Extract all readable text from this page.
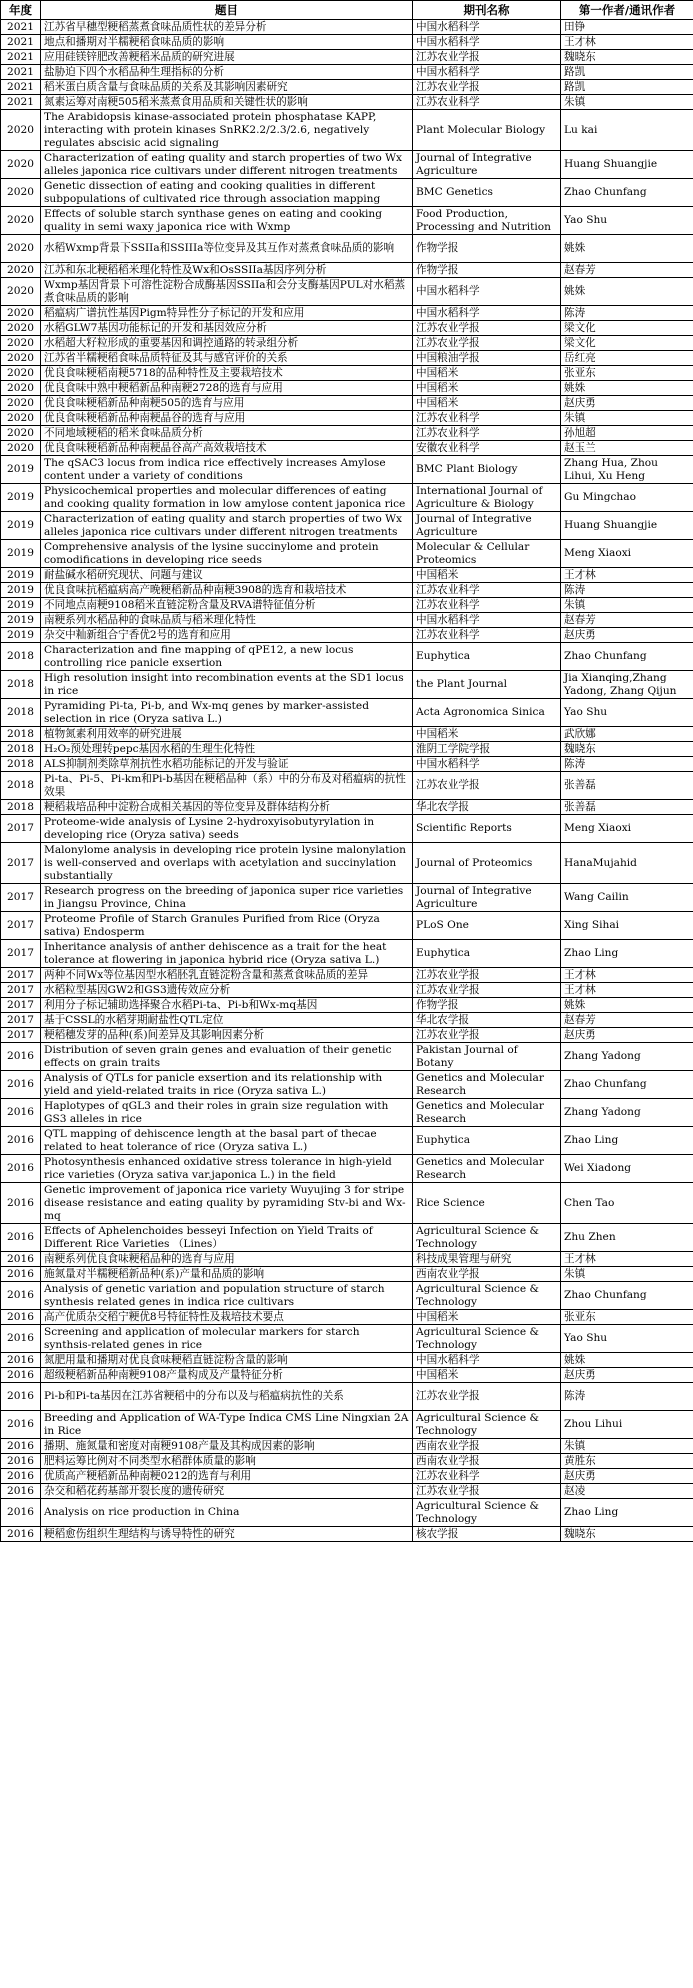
年度	题目	期刊名称	第一作者/通讯作者
2021	江苏省早穗型粳稻蒸煮食味品质性状的差异分析	中国水稻科学	田铮
2021	地点和播期对半糯粳稻食味品质的影响	中国水稻科学	王才林
2021	应用硅镁锌肥改善粳稻米品质的研究进展	江苏农业学报	魏晓东
2021	盐胁迫下四个水稻品种生理指标的分析	中国水稻科学	路凯
2021	稻米蛋白质含量与食味品质的关系及其影响因素研究	江苏农业学报	路凯
2021	氮素运筹对南粳505稻米蒸煮食用品质和关键性状的影响	江苏农业科学	朱镇
2020	The Arabidopsis kinase-associated protein phosphatase KAPP, interacting with protein kinases SnRK2.2/2.3/2.6, negatively regulates abscisic acid signaling	Plant Molecular Biology	Lu kai
2020	Characterization of eating quality and starch properties of two Wx alleles japonica rice cultivars under different nitrogen treatments	Journal of Integrative Agriculture	Huang Shuangjie
2020	Genetic dissection of eating and cooking qualities in different subpopulations of cultivated rice through association mapping	BMC Genetics	Zhao Chunfang
2020	Effects of soluble starch synthase genes on eating and cooking quality in semi waxy japonica rice with Wxmp	Food Production, Processing and Nutrition	Yao Shu
2020	水稻Wxmp背景下SSIIa和SSIIIa等位变异及其互作对蒸煮食味品质的影响	作物学报	姚姝
2020	江苏和东北粳稻稻米理化特性及Wx和OsSSIIa基因序列分析	作物学报	赵春芳
2020	Wxmp基因背景下可溶性淀粉合成酶基因SSIIa和会分支酶基因PUL对水稻蒸煮食味品质的影响	中国水稻科学	姚姝
2020	稻瘟病广谱抗性基因Pigm特异性分子标记的开发和应用	中国水稻科学	陈涛
2020	水稻GLW7基因功能标记的开发和基因效应分析	江苏农业学报	梁文化
2020	水稻超大籽粒形成的重要基因和调控通路的转录组分析	江苏农业学报	梁文化
2020	江苏省半糯粳稻食味品质特征及其与感官评价的关系	中国粮油学报	岳红亮
2020	优良食味粳稻南粳5718的品种特性及主要栽培技术	中国稻米	张亚东
2020	优良食味中熟中粳稻新品种南粳2728的选育与应用	中国稻米	姚姝
2020	优良食味粳稻新品种南粳505的选育与应用	中国稻米	赵庆勇
2020	优良食味粳稻新品种南粳晶谷的选育与应用	江苏农业科学	朱镇
2020	不同地域粳稻的稻米食味品质分析	江苏农业科学	孙旭超
2020	优良食味粳稻新品种南粳晶谷高产高效栽培技术	安徽农业科学	赵玉兰
2019	The qSAC3 locus from indica rice effectively increases Amylose content under a variety of conditions	BMC Plant Biology	Zhang Hua, Zhou Lihui, Xu Heng
2019	Physicochemical properties and molecular differences of eating and cooking quality formation in low amylose content japonica rice	International Journal of Agriculture & Biology	Gu Mingchao
2019	Characterization of eating quality and starch properties of two Wx alleles japonica rice cultivars under different nitrogen treatments	Journal of Integrative Agriculture	Huang Shuangjie
2019	Comprehensive analysis of the lysine succinylome and protein comodifications in developing rice seeds	Molecular & Cellular Proteomics	Meng Xiaoxi
2019	耐盐碱水稻研究现状、问题与建议	中国稻米	王才林
2019	优良食味抗稻瘟病高产晚粳稻新品种南粳3908的选育和栽培技术	江苏农业科学	陈涛
2019	不同地点南粳9108稻米直链淀粉含量及RVA谱特征值分析	江苏农业科学	朱镇
2019	南粳系列水稻品种的食味品质与稻米理化特性	中国水稻科学	赵春芳
2019	杂交中籼新组合宁香优2号的选育和应用	江苏农业科学	赵庆勇
2018	Characterization and fine mapping of qPE12, a new locus controlling rice panicle exsertion	Euphytica	Zhao Chunfang
2018	High resolution insight into recombination events at the SD1 locus in rice	the Plant Journal	Jia Xianqing,Zhang Yadong, Zhang Qijun
2018	Pyramiding Pi-ta, Pi-b, and Wx-mq genes by marker-assisted selection in rice (Oryza sativa L.)	Acta Agronomica Sinica	Yao Shu
2018	植物氮素利用效率的研究进展	中国稻米	武欣娜
2018	H₂O₂预处理转pepc基因水稻的生理生化特性	淮阴工学院学报	魏晓东
2018	ALS抑制剂类除草剂抗性水稻功能标记的开发与验证	中国水稻科学	陈涛
2018	Pi-ta、Pi-5、Pi-km和Pi-b基因在粳稻品种（系）中的分布及对稻瘟病的抗性效果	江苏农业学报	张善磊
2018	粳稻栽培品种中淀粉合成相关基因的等位变异及群体结构分析	华北农学报	张善磊
2017	Proteome-wide analysis of Lysine 2-hydroxyisobutyrylation in developing rice (Oryza sativa) seeds	Scientific Reports	Meng Xiaoxi
2017	Malonylome analysis in developing rice protein lysine malonylation is well-conserved and overlaps with acetylation and succinylation substantially	Journal of Proteomics	HanaMujahid
2017	Research progress on the breeding of japonica super rice varieties in Jiangsu Province, China	Journal of Integrative Agriculture	Wang Cailin
2017	Proteome Profile of Starch Granules Purified from Rice (Oryza sativa) Endosperm	PLoS One	Xing Sihai
2017	Inheritance analysis of anther dehiscence as a trait for the heat tolerance at flowering in japonica hybrid rice (Oryza sativa L.)	Euphytica	Zhao Ling
2017	两种不同Wx等位基因型水稻胚乳直链淀粉含量和蒸煮食味品质的差异	江苏农业学报	王才林
2017	水稻粒型基因GW2和GS3遗传效应分析	江苏农业学报	王才林
2017	利用分子标记辅助选择聚合水稻Pi-ta、Pi-b和Wx-mq基因	作物学报	姚姝
2017	基于CSSL的水稻芽期耐盐性QTL定位	华北农学报	赵春芳
2017	粳稻穗发芽的品种(系)间差异及其影响因素分析	江苏农业学报	赵庆勇
2016	Distribution of seven grain genes and evaluation of their genetic effects on grain traits	Pakistan Journal of Botany	Zhang Yadong
2016	Analysis of QTLs for panicle exsertion and its relationship with yield and yield-related traits in rice (Oryza sativa L.)	Genetics and Molecular Research	Zhao Chunfang
2016	Haplotypes of qGL3 and their roles in grain size regulation with GS3 alleles in rice	Genetics and Molecular Research	Zhang Yadong
2016	QTL mapping of dehiscence length at the basal part of thecae related to heat tolerance of rice (Oryza sativa L.)	Euphytica	Zhao Ling
2016	Photosynthesis enhanced oxidative stress tolerance in high-yield rice varieties (Oryza sativa var.japonica L.) in the field	Genetics and Molecular Research	Wei Xiadong
2016	Genetic improvement of japonica rice variety Wuyujing 3 for stripe disease resistance and eating quality by pyramiding Stv-bi and Wx-mq	Rice Science	Chen Tao
2016	Effects of Aphelenchoides besseyi Infection on Yield Traits of Different Rice Varieties （Lines）	Agricultural Science & Technology	Zhu Zhen
2016	南粳系列优良食味粳稻品种的选育与应用	科技成果管理与研究	王才林
2016	施氮量对半糯粳稻新品种(系)产量和品质的影响	西南农业学报	朱镇
2016	Analysis of genetic variation and population structure of starch synthesis related genes in indica rice cultivars	Agricultural Science & Technology	Zhao Chunfang
2016	高产优质杂交稻宁粳优8号特征特性及栽培技术要点	中国稻米	张亚东
2016	Screening and application of molecular markers for starch synthsis-related genes in rice	Agricultural Science & Technology	Yao Shu
2016	氮肥用量和播期对优良食味粳稻直链淀粉含量的影响	中国水稻科学	姚姝
2016	超级粳稻新品种南粳9108产量构成及产量特征分析	中国稻米	赵庆勇
2016	Pi-b和Pi-ta基因在江苏省粳稻中的分布以及与稻瘟病抗性的关系	江苏农业学报	陈涛
2016	Breeding and Application of WA-Type Indica CMS Line Ningxian 2A in Rice	Agricultural Science & Technology	Zhou Lihui
2016	播期、施氮量和密度对南粳9108产量及其构成因素的影响	西南农业学报	朱镇
2016	肥料运筹比例对不同类型水稻群体质量的影响	西南农业学报	黄胜东
2016	优质高产粳稻新品种南粳0212的选育与利用	江苏农业科学	赵庆勇
2016	杂交和稻花药基部开裂长度的遗传研究	江苏农业学报	赵凌
2016	Analysis on rice production in China	Agricultural Science & Technology	Zhao Ling
2016	粳稻愈伤组织生理结构与诱导特性的研究	核农学报	魏晓东
